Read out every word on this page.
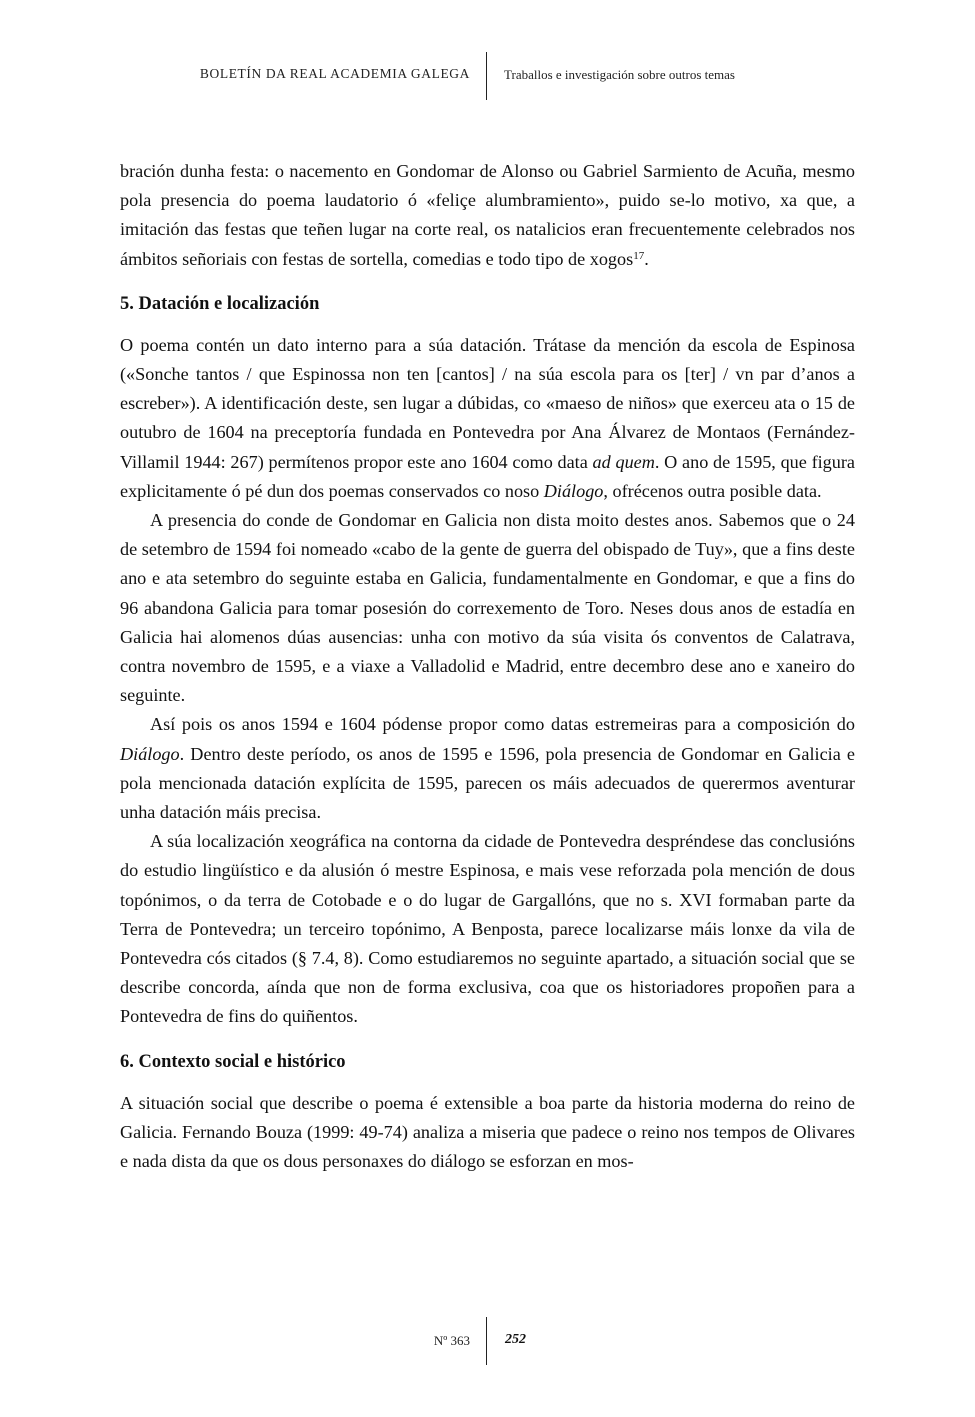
BOLETÍN DA REAL ACADEMIA GALEGA	Traballos e investigación sobre outros temas

bración dunha festa: o nacemento en Gondomar de Alonso ou Gabriel Sarmiento de Acuña, mesmo pola presencia do poema laudatorio ó «feliçe alumbramiento», puido se-lo motivo, xa que, a imitación das festas que teñen lugar na corte real, os natalicios eran frecuentemente celebrados nos ámbitos señoriais con festas de sortella, comedias e todo tipo de xogos$^{17}$.

5. Datación e localización

O poema contén un dato interno para a súa datación. Trátase da mención da escola de Espinosa («Sonche tantos / que Espinossa non ten [cantos] / na súa escola para os [ter] / vn par d’anos a escreber»). A identificación deste, sen lugar a dúbidas, co «maeso de niños» que exerceu ata o 15 de outubro de 1604 na preceptoría fundada en Pontevedra por Ana Álvarez de Montaos (Fernández-Villamil 1944: 267) permítenos propor este ano 1604 como data ad quem. O ano de 1595, que figura explicitamente ó pé dun dos poemas conservados co noso Diálogo, ofrécenos outra posible data.

A presencia do conde de Gondomar en Galicia non dista moito destes anos. Sabemos que o 24 de setembro de 1594 foi nomeado «cabo de la gente de guerra del obispado de Tuy», que a fins deste ano e ata setembro do seguinte estaba en Galicia, fundamentalmente en Gondomar, e que a fins do 96 abandona Galicia para tomar posesión do correxemento de Toro. Neses dous anos de estadía en Galicia hai alomenos dúas ausencias: unha con motivo da súa visita ós conventos de Calatrava, contra novembro de 1595, e a viaxe a Valladolid e Madrid, entre decembro dese ano e xaneiro do seguinte.

Así pois os anos 1594 e 1604 pódense propor como datas estremeiras para a composición do Diálogo. Dentro deste período, os anos de 1595 e 1596, pola presencia de Gondomar en Galicia e pola mencionada datación explícita de 1595, parecen os máis adecuados de querermos aventurar unha datación máis precisa.

A súa localización xeográfica na contorna da cidade de Pontevedra despréndese das conclusións do estudio lingüístico e da alusión ó mestre Espinosa, e mais vese reforzada pola mención de dous topónimos, o da terra de Cotobade e o do lugar de Gargallóns, que no s. XVI formaban parte da Terra de Pontevedra; un terceiro topónimo, A Benposta, parece localizarse máis lonxe da vila de Pontevedra cós citados (§ 7.4, 8). Como estudiaremos no seguinte apartado, a situación social que se describe concorda, aínda que non de forma exclusiva, coa que os historiadores propoñen para a Pontevedra de fins do quiñentos.

6. Contexto social e histórico

A situación social que describe o poema é extensible a boa parte da historia moderna do reino de Galicia. Fernando Bouza (1999: 49-74) analiza a miseria que padece o reino nos tempos de Olivares e nada dista da que os dous personaxes do diálogo se esforzan en mos-

Nº 363	252
